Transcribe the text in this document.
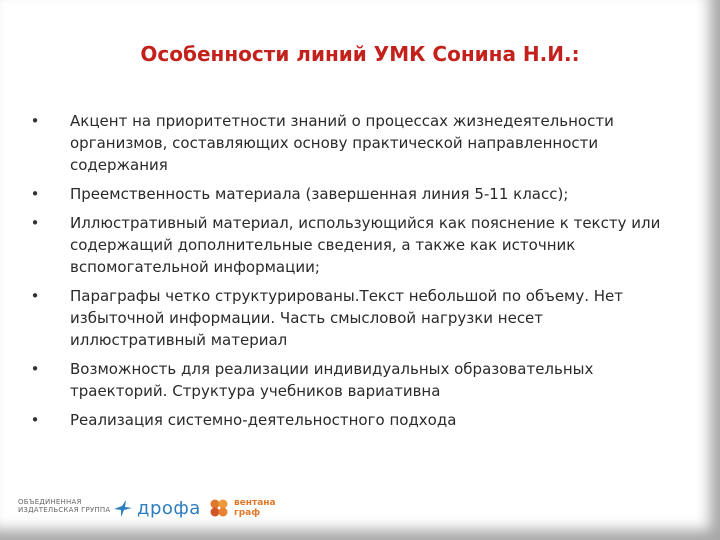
Особенности линий УМК Сонина Н.И.:
• Акцент на приоритетности знаний о процессах жизнедеятельности организмов, составляющих основу практической направленности содержания
• Преемственность материала (завершенная линия 5-11 класс);
• Иллюстративный материал, использующийся как пояснение к тексту или содержащий дополнительные сведения, а также как источник вспомогательной информации;
• Параграфы четко структурированы.Текст небольшой по объему. Нет избыточной информации. Часть смысловой нагрузки несет иллюстративный материал
• Возможность для реализации индивидуальных образовательных траекторий. Структура учебников вариативна
• Реализация системно-деятельностного подхода
ОБЪЕДИНЕННАЯ
ИЗДАТЕЛЬСКАЯ ГРУППА дрофа	вентана
граф
